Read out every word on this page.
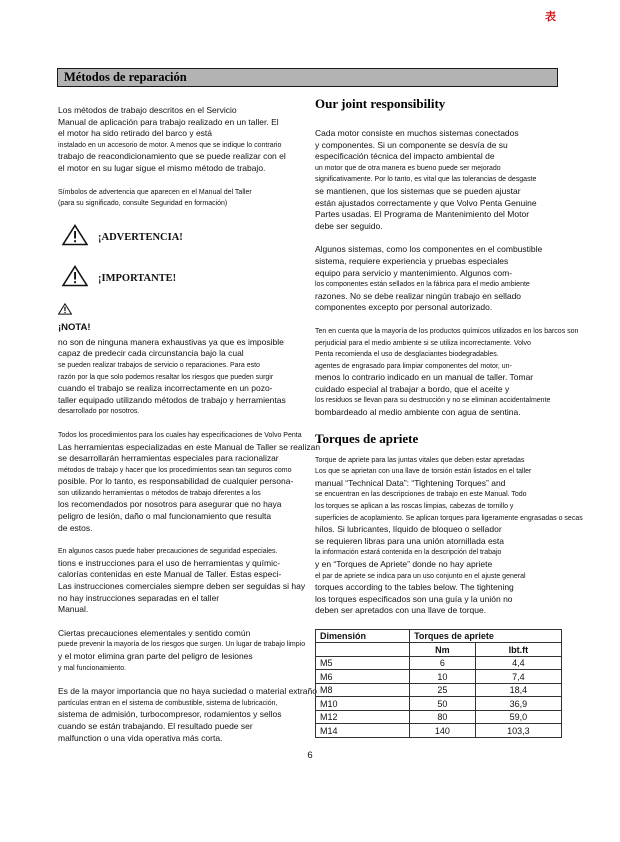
表
Métodos de reparación
Los métodos de trabajo descritos en el Servicio
Manual de aplicación para trabajo realizado en un taller. El
el motor ha sido retirado del barco y está
instalado en un accesorio de motor. A menos que se indique lo contrario
trabajo de reacondicionamiento que se puede realizar con el
el motor en su lugar sigue el mismo método de trabajo.
Símbolos de advertencia que aparecen en el Manual del Taller
(para su significado, consulte Seguridad en formación)
¡ADVERTENCIA!
¡IMPORTANTE!
¡NOTA!
no son de ninguna manera exhaustivas ya que es imposible
capaz de predecir cada circunstancia bajo la cual
se pueden realizar trabajos de servicio o reparaciones. Para esto
razón por la que solo podemos resaltar los riesgos que pueden surgir
cuando el trabajo se realiza incorrectamente en un pozo-
taller equipado utilizando métodos de trabajo y herramientas
desarrollado por nosotros.
Todos los procedimientos para los cuales hay especificaciones de Volvo Penta
Las herramientas especializadas en este Manual de Taller se realizan
se desarrollarán herramientas especiales para racionalizar
métodos de trabajo y hacer que los procedimientos sean tan seguros como
posible. Por lo tanto, es responsabilidad de cualquier persona-
son utilizando herramientas o métodos de trabajo diferentes a los
los recomendados por nosotros para asegurar que no haya
peligro de lesión, daño o mal funcionamiento que resulta
de estos.
En algunos casos puede haber precauciones de seguridad especiales.
tions e instrucciones para el uso de herramientas y químic-
calorías contenidas en este Manual de Taller. Estas especi-
Las instrucciones comerciales siempre deben ser seguidas si hay
no hay instrucciones separadas en el taller
Manual.
Ciertas precauciones elementales y sentido común
puede prevenir la mayoría de los riesgos que surgen. Un lugar de trabajo limpio
y el motor elimina gran parte del peligro de lesiones
y mal funcionamiento.
Es de la mayor importancia que no haya suciedad o material extraño
partículas entran en el sistema de combustible, sistema de lubricación,
sistema de admisión, turbocompresor, rodamientos y sellos
cuando se están trabajando. El resultado puede ser
malfunction o una vida operativa más corta.
Our joint responsibility
Cada motor consiste en muchos sistemas conectados
y componentes. Si un componente se desvía de su
especificación técnica del impacto ambiental de
un motor que de otra manera es bueno puede ser mejorado
significativamente. Por lo tanto, es vital que las tolerancias de desgaste
se mantienen, que los sistemas que se pueden ajustar
están ajustados correctamente y que Volvo Penta Genuine
Partes usadas. El Programa de Mantenimiento del Motor
debe ser seguido.
Algunos sistemas, como los componentes en el combustible
sistema, requiere experiencia y pruebas especiales
equipo para servicio y mantenimiento. Algunos com-
los componentes están sellados en la fábrica para el medio ambiente
razones. No se debe realizar ningún trabajo en sellado
componentes excepto por personal autorizado.
Ten en cuenta que la mayoría de los productos químicos utilizados en los barcos son
perjudicial para el medio ambiente si se utiliza incorrectamente. Volvo
Penta recomienda el uso de desglaciantes biodegradables.
agentes de engrasado para limpiar componentes del motor, un-
menos lo contrario indicado en un manual de taller. Tomar
cuidado especial al trabajar a bordo, que el aceite y
los residuos se llevan para su destrucción y no se eliminan accidentalmente
bombardeado al medio ambiente con agua de sentina.
Torques de apriete
Torque de apriete para las juntas vitales que deben estar apretadas
Los que se aprietan con una llave de torsión están listados en el taller
manual “Technical Data”: “Tightening Torques” and
se encuentran en las descripciones de trabajo en este Manual. Todo
los torques se aplican a las roscas limpias, cabezas de tornillo y
superficies de acoplamiento. Se aplican torques para ligeramente engrasadas o secas
hilos. Si lubricantes, líquido de bloqueo o sellador
se requieren libras para una unión atornillada esta
la información estará contenida en la descripción del trabajo
y en “Torques de Apriete” donde no hay apriete
el par de apriete se indica para un uso conjunto en el ajuste general
torques according to the tables below. The tightening
los torques especificados son una guía y la unión no
deben ser apretados con una llave de torque.
Dimensión	Torques de apriete	
	Nm	lbt.ft
M5	6	4,4
M6	10	7,4
M8	25	18,4
M10	50	36,9
M12	80	59,0
M14	140	103,3
6
